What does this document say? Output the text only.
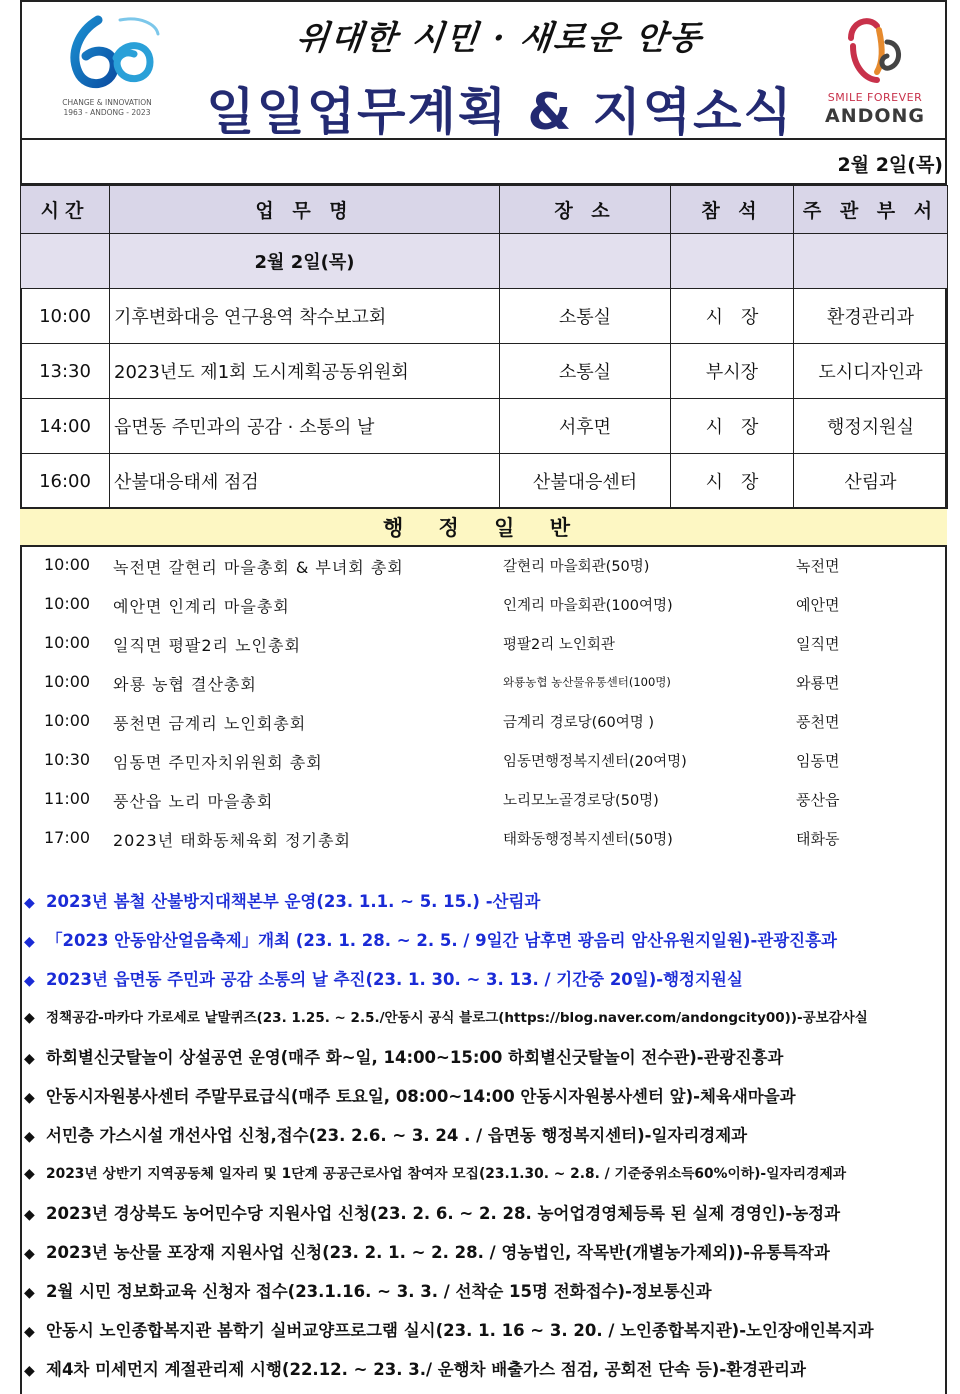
CHANGE & INNOVATION
1963 - ANDONG - 2023
위대한 시민 · 새로운 안동
일일업무계획 & 지역소식	SMILE FOREVER
ANDONG
2월 2일(목)
시간	업 무 명	장 소	참 석	주 관 부 서
	2월 2일(목)			
10:00	기후변화대응 연구용역 착수보고회	소통실	시　장	환경관리과
13:30	2023년도 제1회 도시계획공동위원회	소통실	부시장	도시디자인과
14:00	읍면동 주민과의 공감 · 소통의 날	서후면	시　장	행정지원실
16:00	산불대응태세 점검	산불대응센터	시　장	산림과
행 정 일 반
10:00	녹전면 갈현리 마을총회 & 부녀회 총회	갈현리 마을회관(50명)	녹전면
10:00	예안면 인계리 마을총회	인계리 마을회관(100여명)	예안면
10:00	일직면 평팔2리 노인총회	평팔2리 노인회관	일직면
10:00	와룡 농협 결산총회	와룡농협 농산물유통센터(100명)	와룡면
10:00	풍천면 금계리 노인회총회	금계리 경로당(60여명 )	풍천면
10:30	임동면 주민자치위원회 총회	임동면행정복지센터(20여명)	임동면
11:00	풍산읍 노리 마을총회	노리모노골경로당(50명)	풍산읍
17:00	2023년 태화동체육회 정기총회	태화동행정복지센터(50명)	태화동
◆ 2023년 봄철 산불방지대책본부 운영(23. 1.1. ~ 5. 15.) -산림과
◆ 「2023 안동암산얼음축제」개최 (23. 1. 28. ~ 2. 5. / 9일간 남후면 광음리 암산유원지일원)-관광진흥과
◆ 2023년 읍면동 주민과 공감 소통의 날 추진(23. 1. 30. ~ 3. 13. / 기간중 20일)-행정지원실
◆ 정책공감-마카다 가로세로 낱말퀴즈(23. 1.25. ~ 2.5./안동시 공식 블로그(https://blog.naver.com/andongcity00))-공보감사실
◆ 하회별신굿탈놀이 상설공연 운영(매주 화~일, 14:00~15:00 하회별신굿탈놀이 전수관)-관광진흥과
◆ 안동시자원봉사센터 주말무료급식(매주 토요일, 08:00~14:00 안동시자원봉사센터 앞)-체육새마을과
◆ 서민층 가스시설 개선사업 신청,접수(23. 2.6. ~ 3. 24 . / 읍면동 행정복지센터)-일자리경제과
◆ 2023년 상반기 지역공동체 일자리 및 1단계 공공근로사업 참여자 모집(23.1.30. ~ 2.8. / 기준중위소득60%이하)-일자리경제과
◆ 2023년 경상북도 농어민수당 지원사업 신청(23. 2. 6. ~ 2. 28. 농어업경영체등록 된 실제 경영인)-농정과
◆ 2023년 농산물 포장재 지원사업 신청(23. 2. 1. ~ 2. 28. / 영농법인, 작목반(개별농가제외))-유통특작과
◆ 2월 시민 정보화교육 신청자 접수(23.1.16. ~ 3. 3. / 선착순 15명 전화접수)-정보통신과
◆ 안동시 노인종합복지관 봄학기 실버교양프로그램 실시(23. 1. 16 ~ 3. 20. / 노인종합복지관)-노인장애인복지과
◆ 제4차 미세먼지 계절관리제 시행(22.12. ~ 23. 3./ 운행차 배출가스 점검, 공회전 단속 등)-환경관리과
